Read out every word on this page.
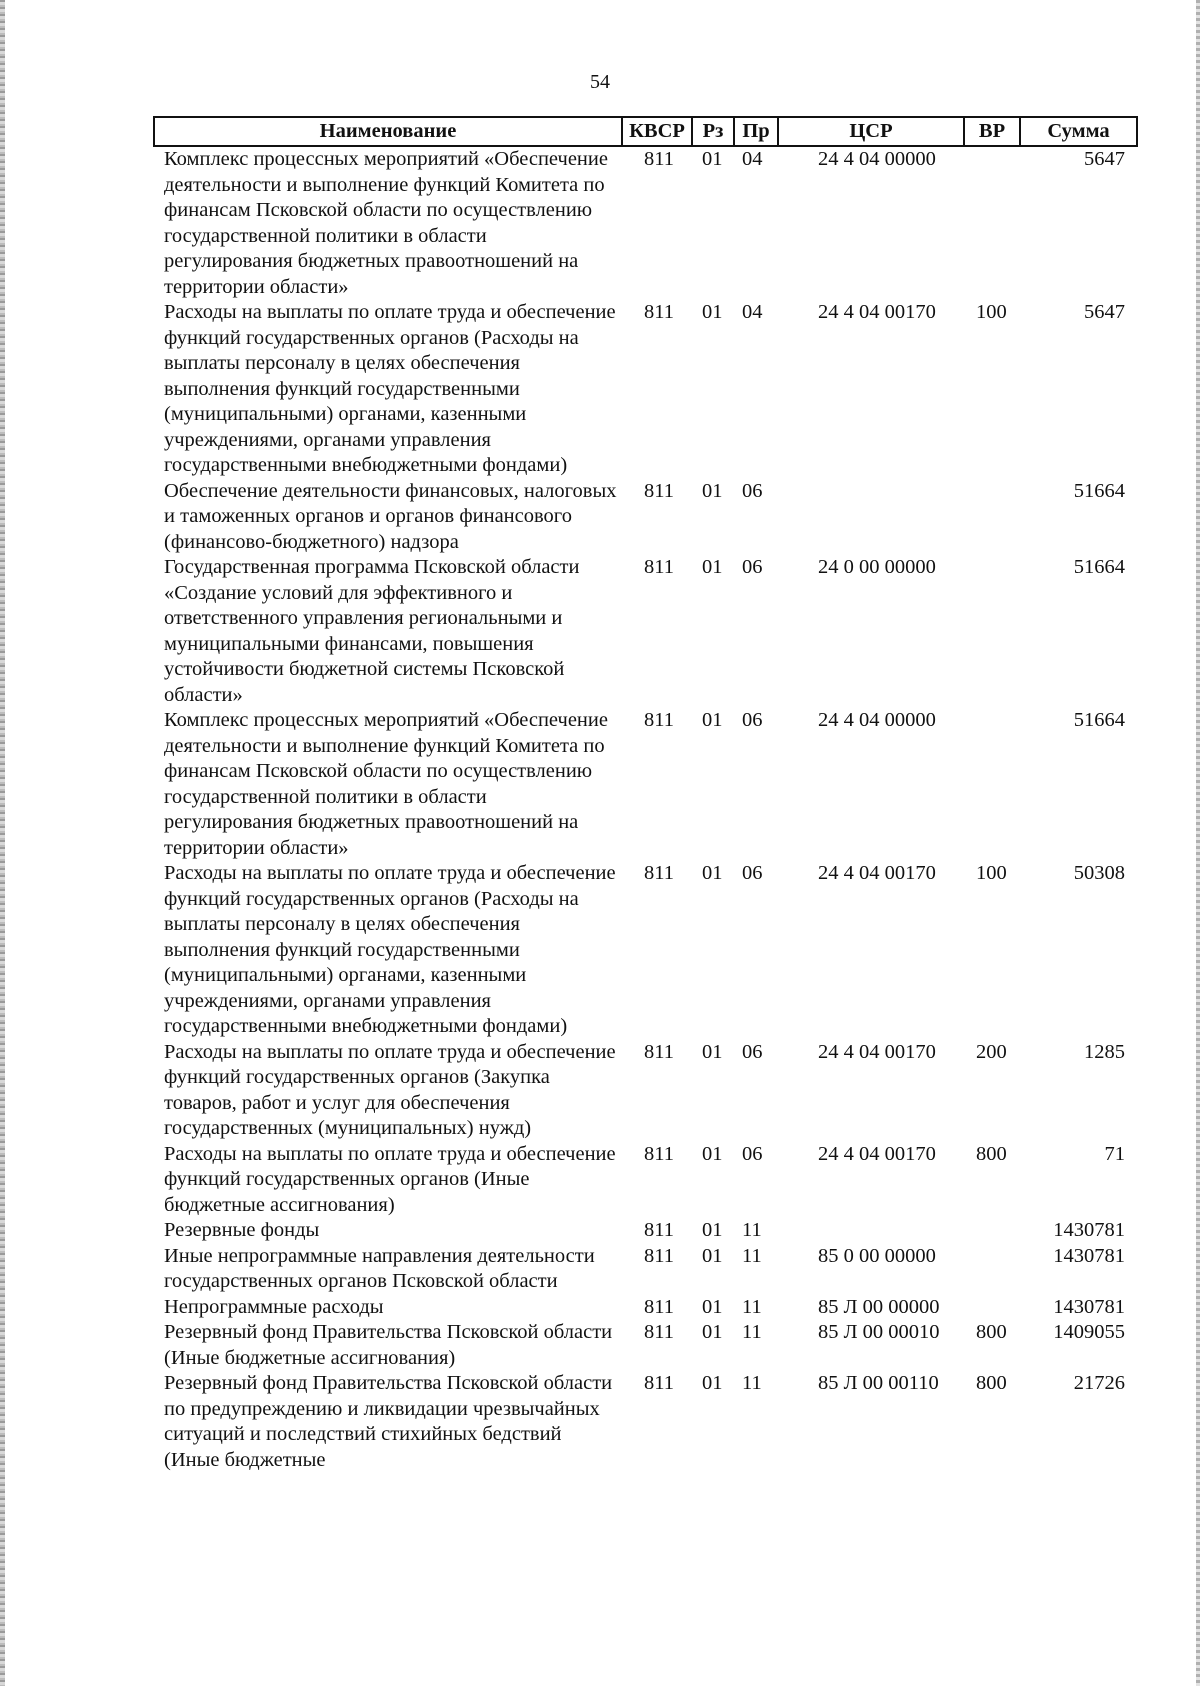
54
Наименование	КВСР	Рз	Пр	ЦСР	ВР	Сумма
Комплекс процессных мероприятий «Обеспечение деятельности и выполнение функций Комитета по финансам Псковской области по осуществлению государственной политики в области регулирования бюджетных правоотношений на территории области»	811	01	04	24 4 04 00000		5647
Расходы на выплаты по оплате труда и обеспечение функций государственных органов (Расходы на выплаты персоналу в целях обеспечения выполнения функций государственными (муниципальными) органами, казенными учреждениями, органами управления государственными внебюджетными фондами)	811	01	04	24 4 04 00170	100	5647
Обеспечение деятельности финансовых, налоговых и таможенных органов и органов финансового (финансово-бюджетного) надзора	811	01	06			51664
Государственная программа Псковской области «Создание условий для эффективного и ответственного управления региональными и муниципальными финансами, повышения устойчивости бюджетной системы Псковской области»	811	01	06	24 0 00 00000		51664
Комплекс процессных мероприятий «Обеспечение деятельности и выполнение функций Комитета по финансам Псковской области по осуществлению государственной политики в области регулирования бюджетных правоотношений на территории области»	811	01	06	24 4 04 00000		51664
Расходы на выплаты по оплате труда и обеспечение функций государственных органов (Расходы на выплаты персоналу в целях обеспечения выполнения функций государственными (муниципальными) органами, казенными учреждениями, органами управления государственными внебюджетными фондами)	811	01	06	24 4 04 00170	100	50308
Расходы на выплаты по оплате труда и обеспечение функций государственных органов (Закупка товаров, работ и услуг для обеспечения государственных (муниципальных) нужд)	811	01	06	24 4 04 00170	200	1285
Расходы на выплаты по оплате труда и обеспечение функций государственных органов (Иные бюджетные ассигнования)	811	01	06	24 4 04 00170	800	71
Резервные фонды	811	01	11			1430781
Иные непрограммные направления деятельности государственных органов Псковской области	811	01	11	85 0 00 00000		1430781
Непрограммные расходы	811	01	11	85 Л 00 00000		1430781
Резервный фонд Правительства Псковской области (Иные бюджетные ассигнования)	811	01	11	85 Л 00 00010	800	1409055
Резервный фонд Правительства Псковской области по предупреждению и ликвидации чрезвычайных ситуаций и последствий стихийных бедствий (Иные бюджетные	811	01	11	85 Л 00 00110	800	21726
